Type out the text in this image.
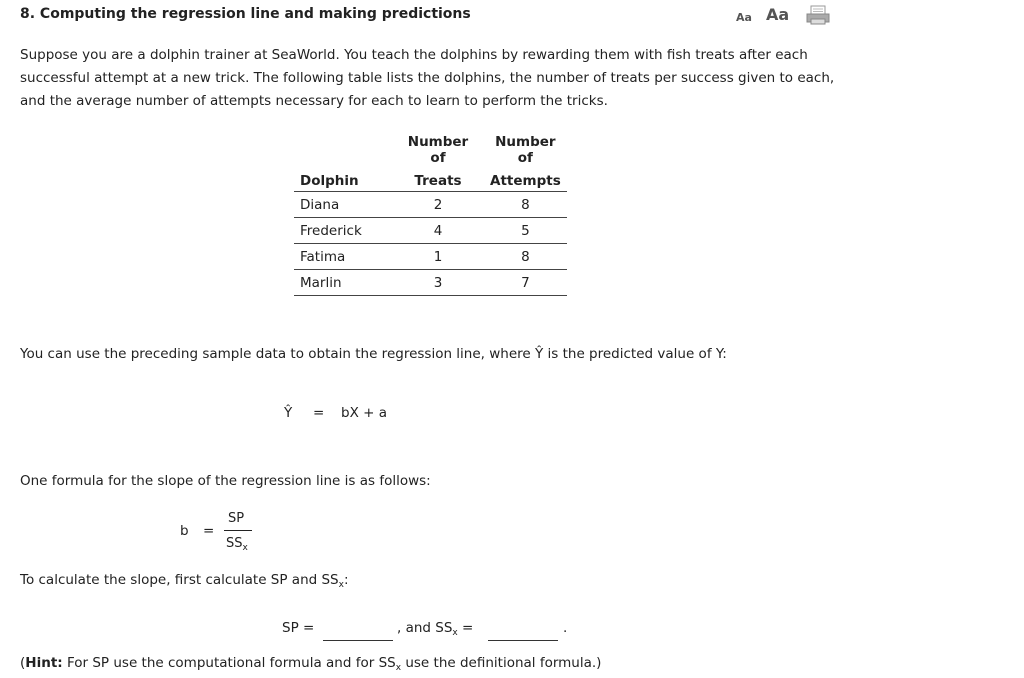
8. Computing the regression line and making predictions	Aa Aa
Suppose you are a dolphin trainer at SeaWorld. You teach the dolphins by rewarding them with fish treats after each successful attempt at a new trick. The following table lists the dolphins, the number of treats per success given to each, and the average number of attempts necessary for each to learn to perform the tricks.
	Number of	Number of
Dolphin	Treats	Attempts
Diana	2	8
Frederick	4	5
Fatima	1	8
Marlin	3	7
You can use the preceding sample data to obtain the regression line, where Ŷ is the predicted value of Y:
Ŷ = bX + a
One formula for the slope of the regression line is as follows:
b =
SP
$SS_x$
To calculate the slope, first calculate SP and $SS_x$:
SP =	, and $SS_x$ =	.
(Hint: For SP use the computational formula and for $SS_x$ use the definitional formula.)
